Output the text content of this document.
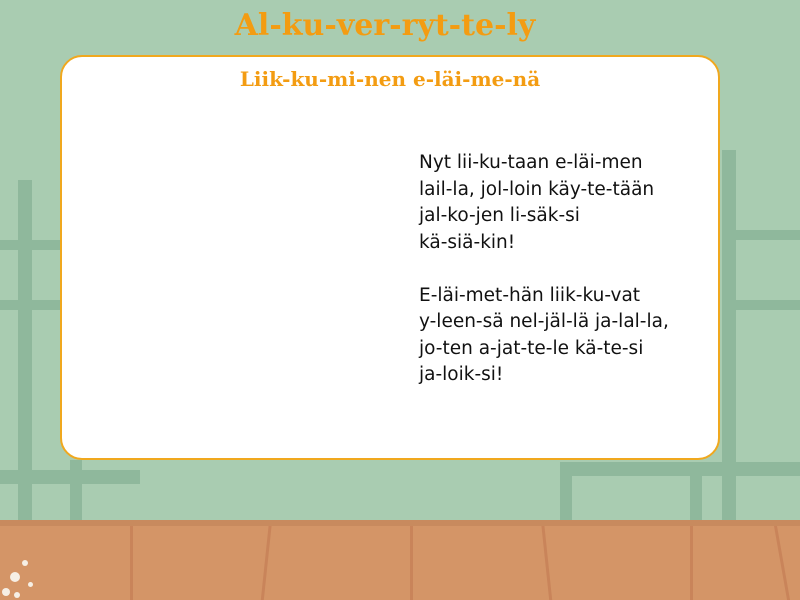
Al-ku-ver-ryt-te-ly
Liik-ku-mi-nen e-läi-me-nä

Nyt lii-ku-taan e-läi-men
lail-la, jol-loin käy-te-tään
jal-ko-jen li-säk-si
kä-siä-kin!

E-läi-met-hän liik-ku-vat
y-leen-sä nel-jäl-lä ja-lal-la,
jo-ten a-jat-te-le kä-te-si
ja-loik-si!
